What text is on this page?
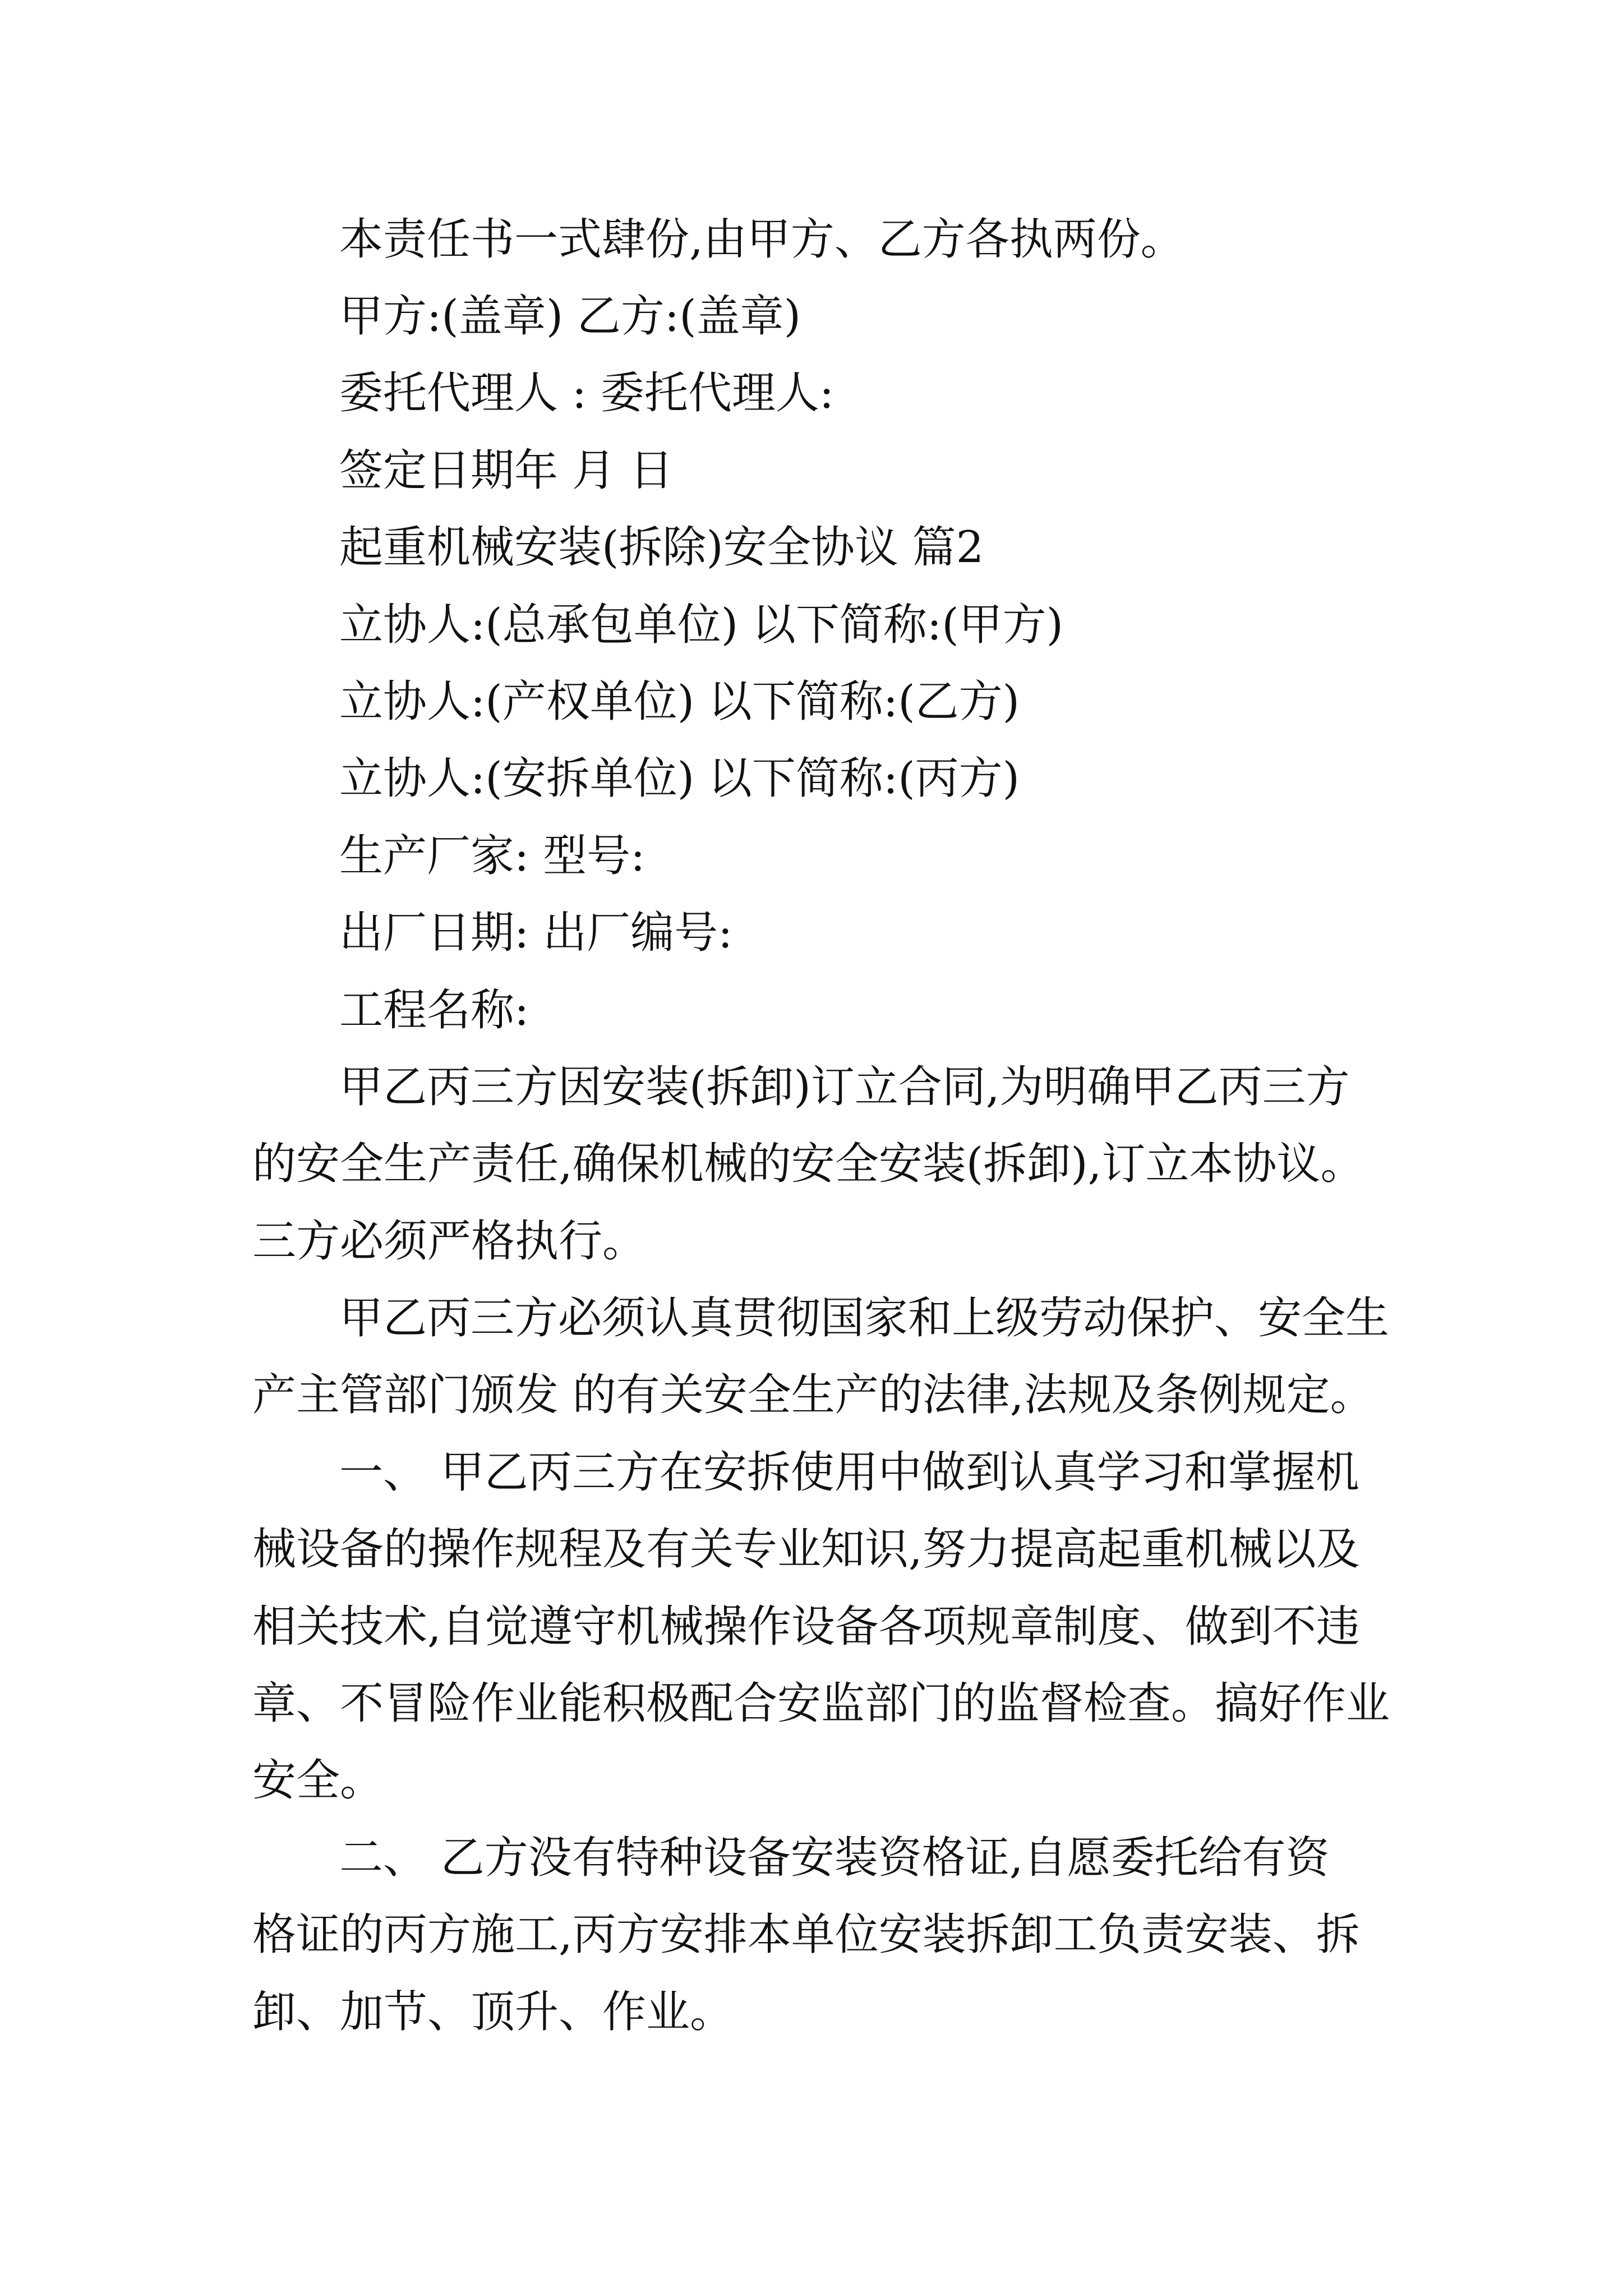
本责任书一式肆份,由甲方、乙方各执两份。

甲方:(盖章) 乙方:(盖章)

委托代理人 : 委托代理人:

签定日期年 月 日

起重机械安装(拆除)安全协议 篇2

立协人:(总承包单位) 以下简称:(甲方)

立协人:(产权单位) 以下简称:(乙方)

立协人:(安拆单位) 以下简称:(丙方)

生产厂家: 型号:

出厂日期: 出厂编号:

工程名称:

甲乙丙三方因安装(拆卸)订立合同,为明确甲乙丙三方

的安全生产责任,确保机械的安全安装(拆卸),订立本协议。

三方必须严格执行。

甲乙丙三方必须认真贯彻国家和上级劳动保护、安全生

产主管部门颁发 的有关安全生产的法律,法规及条例规定。

一、 甲乙丙三方在安拆使用中做到认真学习和掌握机

械设备的操作规程及有关专业知识,努力提高起重机械以及

相关技术,自觉遵守机械操作设备各项规章制度、做到不违

章、不冒险作业能积极配合安监部门的监督检查。搞好作业

安全。

二、 乙方没有特种设备安装资格证,自愿委托给有资

格证的丙方施工,丙方安排本单位安装拆卸工负责安装、拆

卸、加节、顶升、作业。
